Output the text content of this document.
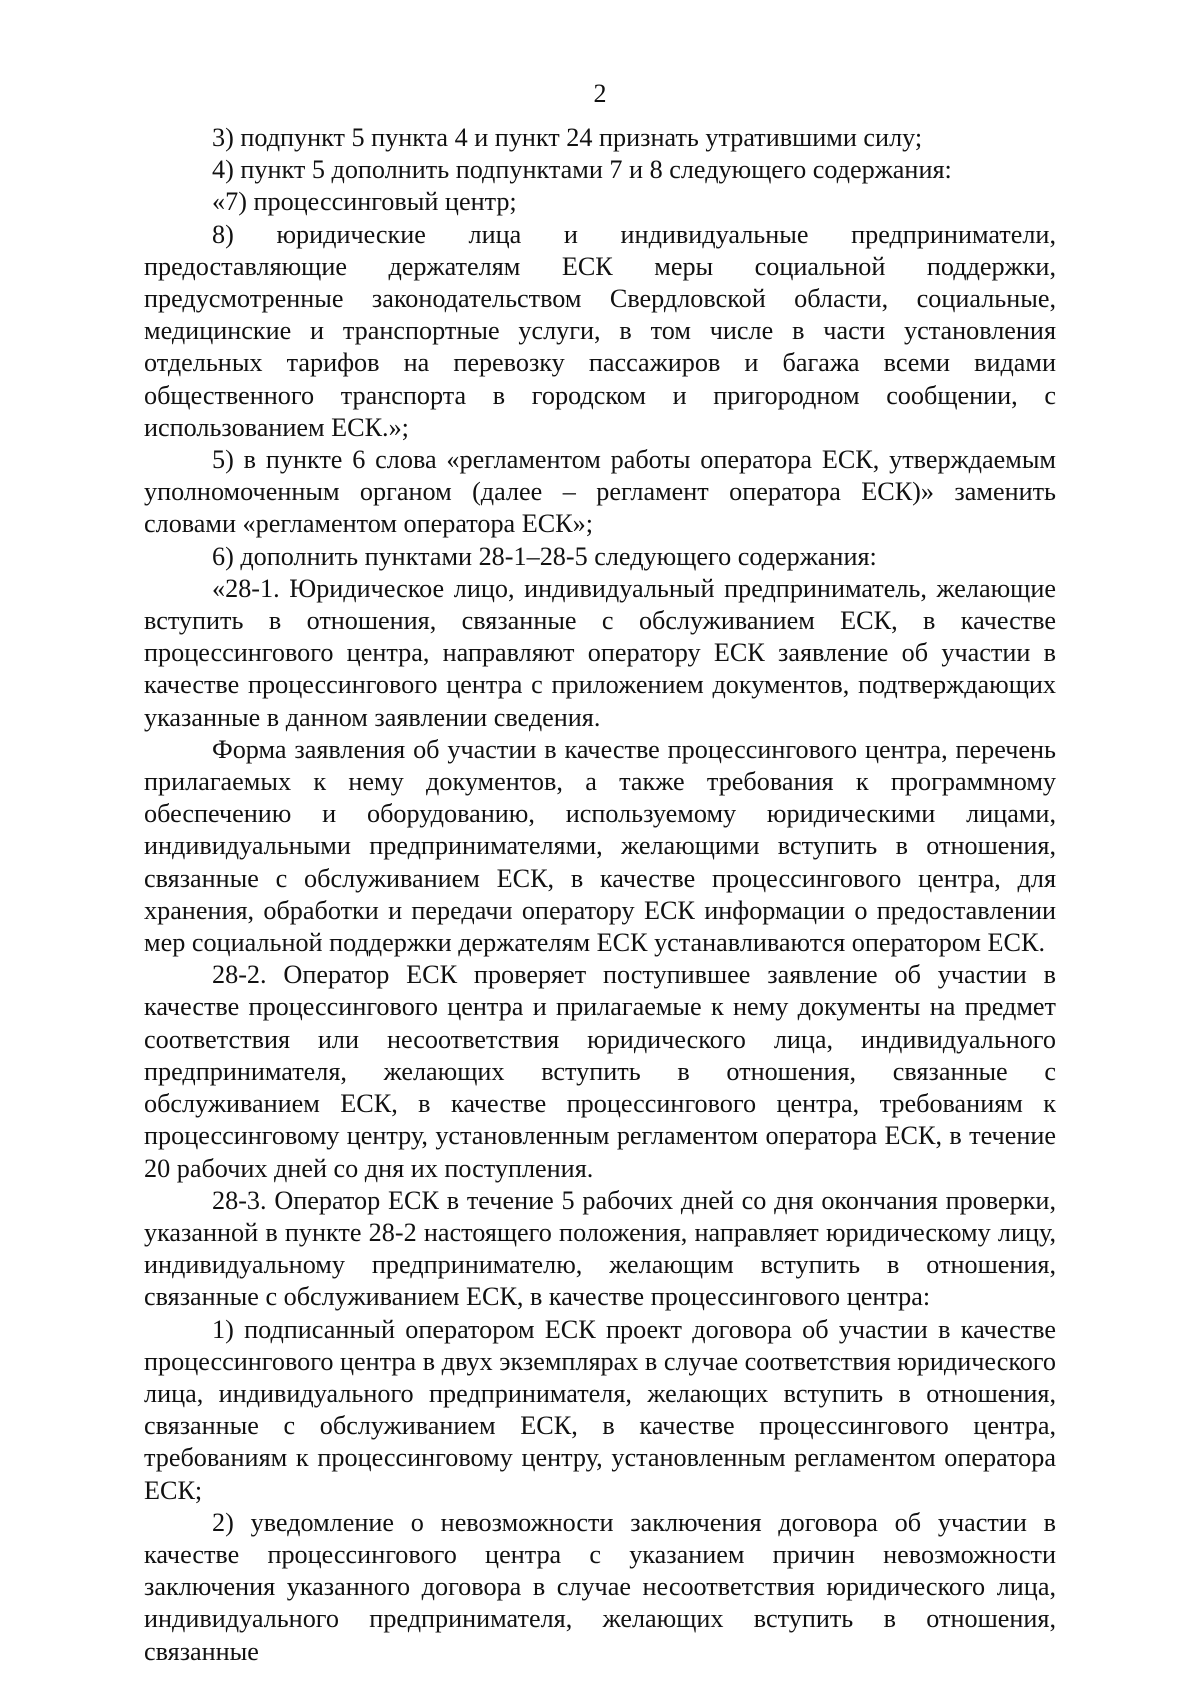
2

3) подпункт 5 пункта 4 и пункт 24 признать утратившими силу;

4) пункт 5 дополнить подпунктами 7 и 8 следующего содержания:

«7) процессинговый центр;

8) юридические лица и индивидуальные предприниматели, предоставляющие держателям ЕСК меры социальной поддержки, предусмотренные законодательством Свердловской области, социальные, медицинские и транспортные услуги, в том числе в части установления отдельных тарифов на перевозку пассажиров и багажа всеми видами общественного транспорта в городском и пригородном сообщении, с использованием ЕСК.»;

5) в пункте 6 слова «регламентом работы оператора ЕСК, утверждаемым уполномоченным органом (далее – регламент оператора ЕСК)» заменить словами «регламентом оператора ЕСК»;

6) дополнить пунктами 28-1–28-5 следующего содержания:

«28-1. Юридическое лицо, индивидуальный предприниматель, желающие вступить в отношения, связанные с обслуживанием ЕСК, в качестве процессингового центра, направляют оператору ЕСК заявление об участии в качестве процессингового центра с приложением документов, подтверждающих указанные в данном заявлении сведения.

Форма заявления об участии в качестве процессингового центра, перечень прилагаемых к нему документов, а также требования к программному обеспечению и оборудованию, используемому юридическими лицами, индивидуальными предпринимателями, желающими вступить в отношения, связанные с обслуживанием ЕСК, в качестве процессингового центра, для хранения, обработки и передачи оператору ЕСК информации о предоставлении мер социальной поддержки держателям ЕСК устанавливаются оператором ЕСК.

28-2. Оператор ЕСК проверяет поступившее заявление об участии в качестве процессингового центра и прилагаемые к нему документы на предмет соответствия или несоответствия юридического лица, индивидуального предпринимателя, желающих вступить в отношения, связанные с обслуживанием ЕСК, в качестве процессингового центра, требованиям к процессинговому центру, установленным регламентом оператора ЕСК, в течение 20 рабочих дней со дня их поступления.

28-3. Оператор ЕСК в течение 5 рабочих дней со дня окончания проверки, указанной в пункте 28-2 настоящего положения, направляет юридическому лицу, индивидуальному предпринимателю, желающим вступить в отношения, связанные с обслуживанием ЕСК, в качестве процессингового центра:

1) подписанный оператором ЕСК проект договора об участии в качестве процессингового центра в двух экземплярах в случае соответствия юридического лица, индивидуального предпринимателя, желающих вступить в отношения, связанные с обслуживанием ЕСК, в качестве процессингового центра, требованиям к процессинговому центру, установленным регламентом оператора ЕСК;

2) уведомление о невозможности заключения договора об участии в качестве процессингового центра с указанием причин невозможности заключения указанного договора в случае несоответствия юридического лица, индивидуального предпринимателя, желающих вступить в отношения, связанные
